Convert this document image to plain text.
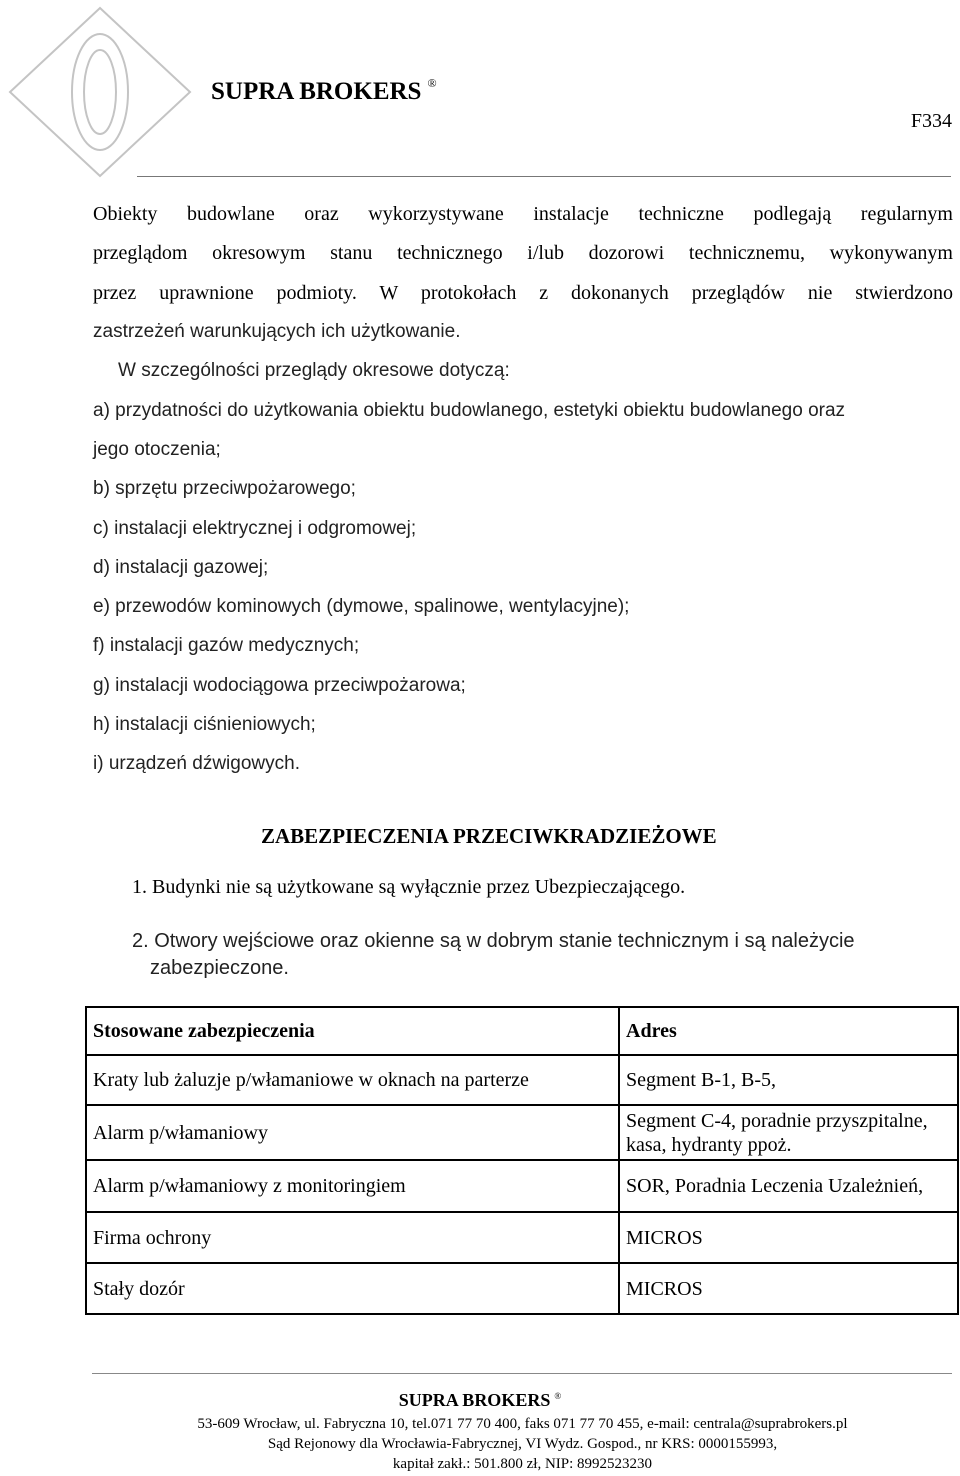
SUPRA BROKERS ®
F334
Obiekty budowlane oraz wykorzystywane instalacje techniczne podlegają regularnym
przeglądom okresowym stanu technicznego i/lub dozorowi technicznemu, wykonywanym
przez uprawnione podmioty. W protokołach z dokonanych przeglądów nie stwierdzono
zastrzeżeń warunkujących ich użytkowanie.
W szczególności przeglądy okresowe dotyczą:
a) przydatności do użytkowania obiektu budowlanego, estetyki obiektu budowlanego oraz
jego otoczenia;
b) sprzętu przeciwpożarowego;
c) instalacji elektrycznej i odgromowej;
d) instalacji gazowej;
e) przewodów kominowych (dymowe, spalinowe, wentylacyjne);
f) instalacji gazów medycznych;
g) instalacji wodociągowa przeciwpożarowa;
h) instalacji ciśnieniowych;
i) urządzeń dźwigowych.
ZABEZPIECZENIA PRZECIWKRADZIEŻOWE
1. Budynki nie są użytkowane są wyłącznie przez Ubezpieczającego.
2. Otwory wejściowe oraz okienne są w dobrym stanie technicznym i są należycie
zabezpieczone.
Stosowane zabezpieczenia	Adres
Kraty lub żaluzje p/włamaniowe w oknach na parterze	Segment B-1, B-5,
Alarm p/włamaniowy	Segment C-4, poradnie przyszpitalne, kasa, hydranty ppoż.
Alarm p/włamaniowy z monitoringiem	SOR, Poradnia Leczenia Uzależnień,
Firma ochrony	MICROS
Stały dozór	MICROS
SUPRA BROKERS ®
53-609 Wrocław, ul. Fabryczna 10, tel.071 77 70 400, faks 071 77 70 455, e-mail: centrala@suprabrokers.pl
Sąd Rejonowy dla Wrocławia-Fabrycznej, VI Wydz. Gospod., nr KRS: 0000155993,
kapitał zakł.: 501.800 zł, NIP: 8992523230
